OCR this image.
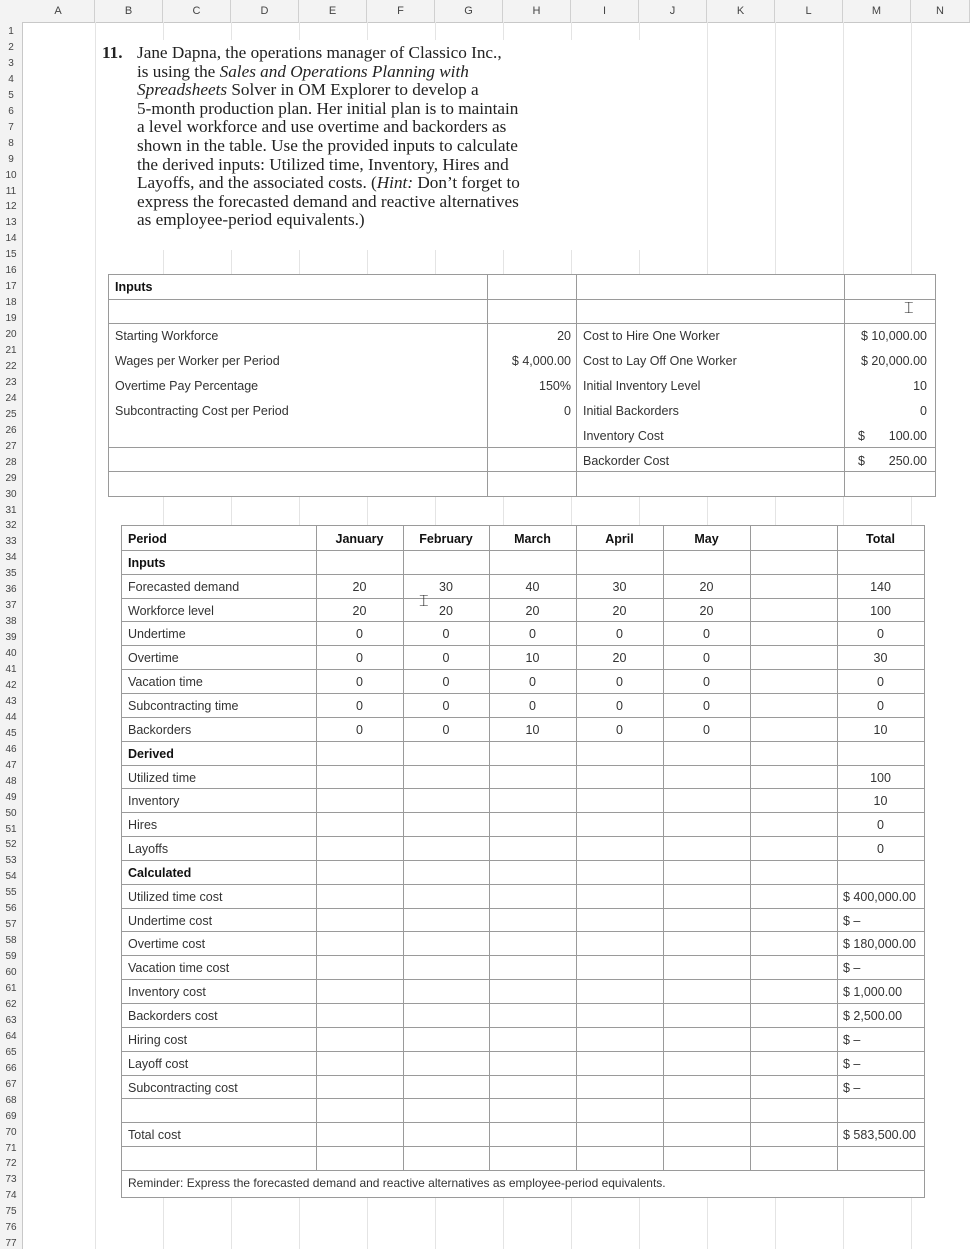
A	B	C	D	E	F	G	H	I	J	K	L	M	N
1
2
3
4
5
6
7
8
9
10
11
12
13
14
15
16
17
18
19
20
21
22
23
24
25
26
27
28
29
30
31
32
33
34
35
36
37
38
39
40
41
42
43
44
45
46
47
48
49
50
51
52
53
54
55
56
57
58
59
60
61
62
63
64
65
66
67
68
69
70
71
72
73
74
75
76
77
11. Jane Dapna, the operations manager of Classico Inc.,
is using the Sales and Operations Planning with
Spreadsheets Solver in OM Explorer to develop a
5-month production plan. Her initial plan is to maintain
a level workforce and use overtime and backorders as
shown in the table. Use the provided inputs to calculate
the derived inputs: Utilized time, Inventory, Hires and
Layoffs, and the associated costs. (Hint: Don’t forget to
express the forecasted demand and reactive alternatives
as employee-period equivalents.)
Inputs
Starting Workforce	20
Wages per Worker per Period	$ 4,000.00
Overtime Pay Percentage	150%
Subcontracting Cost per Period	0
Cost to Hire One Worker	$ 10,000.00
Cost to Lay Off One Worker	$ 20,000.00
Initial Inventory Level	10
Initial Backorders	0
Inventory Cost	$	100.00
Backorder Cost	$	250.00
Period	January	February	March	April	May	Total
Inputs
Forecasted demand	20	30	40	30	20	140
Workforce level	20	20	20	20	20	100
Undertime	0	0	0	0	0	0
Overtime	0	0	10	20	0	30
Vacation time	0	0	0	0	0	0
Subcontracting time	0	0	0	0	0	0
Backorders	0	0	10	0	0	10
Derived
Utilized time	100
Inventory	10
Hires	0
Layoffs	0
Calculated
Utilized time cost	$ 400,000.00
Undertime cost	$ –
Overtime cost	$ 180,000.00
Vacation time cost	$ –
Inventory cost	$ 1,000.00
Backorders cost	$ 2,500.00
Hiring cost	$ –
Layoff cost	$ –
Subcontracting cost	$ –
Total cost	$ 583,500.00
Reminder: Express the forecasted demand and reactive alternatives as employee-period equivalents.
⌶
⌶
